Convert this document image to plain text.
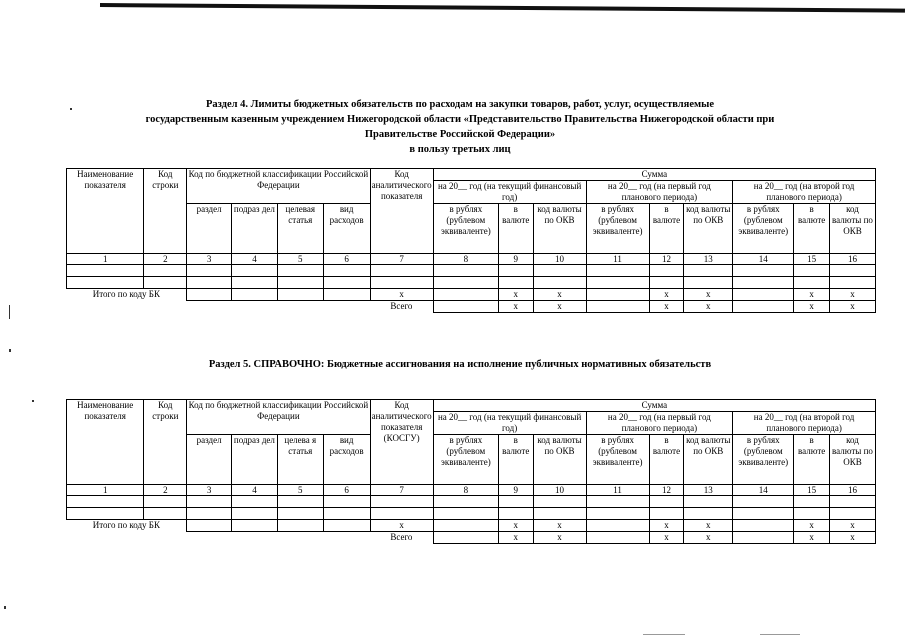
Раздел 4. Лимиты бюджетных обязательств по расходам на закупки товаров, работ, услуг, осуществляемые
государственным казенным учреждением Нижегородской области «Представительство Правительства Нижегородской области при
Правительстве Российской Федерации»
в пользу третьих лиц
Наименование показателя	Код строки	Код по бюджетной классификации Российской Федерации				Код аналитического показателя	Сумма								
							на 20__ год (на текущий финансовый год)			на 20__ год (на первый год планового периода)			на 20__ год (на второй год планового периода)		
		раздел	подраз дел	целевая статья	вид расходов		в рублях (рублевом эквиваленте)	в валюте	код валюты по ОКВ	в рублях (рублевом эквиваленте)	в валюте	код валюты по ОКВ	в рублях (рублевом эквиваленте)	в валюте	код валюты по ОКВ
1	2	3	4	5	6	7	8	9	10	11	12	13	14	15	16

Итого по коду БК						х		х	х		х	х		х	х
						Всего		х	х		х	х		х	х
Раздел 5. СПРАВОЧНО: Бюджетные ассигнования на исполнение публичных нормативных обязательств
Наименование показателя	Код строки	Код по бюджетной классификации Российской Федерации				Код аналитического показателя (КОСГУ)	Сумма								
							на 20__ год (на текущий финансовый год)			на 20__ год (на первый год планового периода)			на 20__ год (на второй год планового периода)		
		раздел	подраз дел	целева я статья	вид расходов		в рублях (рублевом эквиваленте)	в валюте	код валюты по ОКВ	в рублях (рублевом эквиваленте)	в валюте	код валюты по ОКВ	в рублях (рублевом эквиваленте)	в валюте	код валюты по ОКВ
1	2	3	4	5	6	7	8	9	10	11	12	13	14	15	16

Итого по коду БК						х		х	х		х	х		х	х
						Всего		х	х		х	х		х	х
